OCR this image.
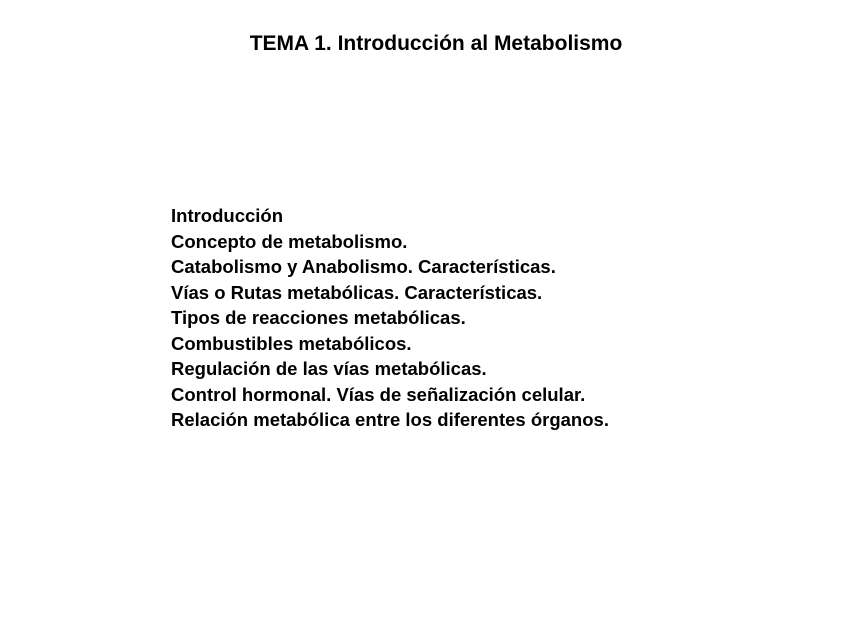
TEMA 1. Introducción al Metabolismo
Introducción
Concepto de metabolismo.
Catabolismo y Anabolismo. Características.
Vías o Rutas metabólicas. Características.
Tipos de reacciones metabólicas.
Combustibles metabólicos.
Regulación de las vías metabólicas.
Control hormonal. Vías de señalización celular.
Relación metabólica entre los diferentes órganos.
